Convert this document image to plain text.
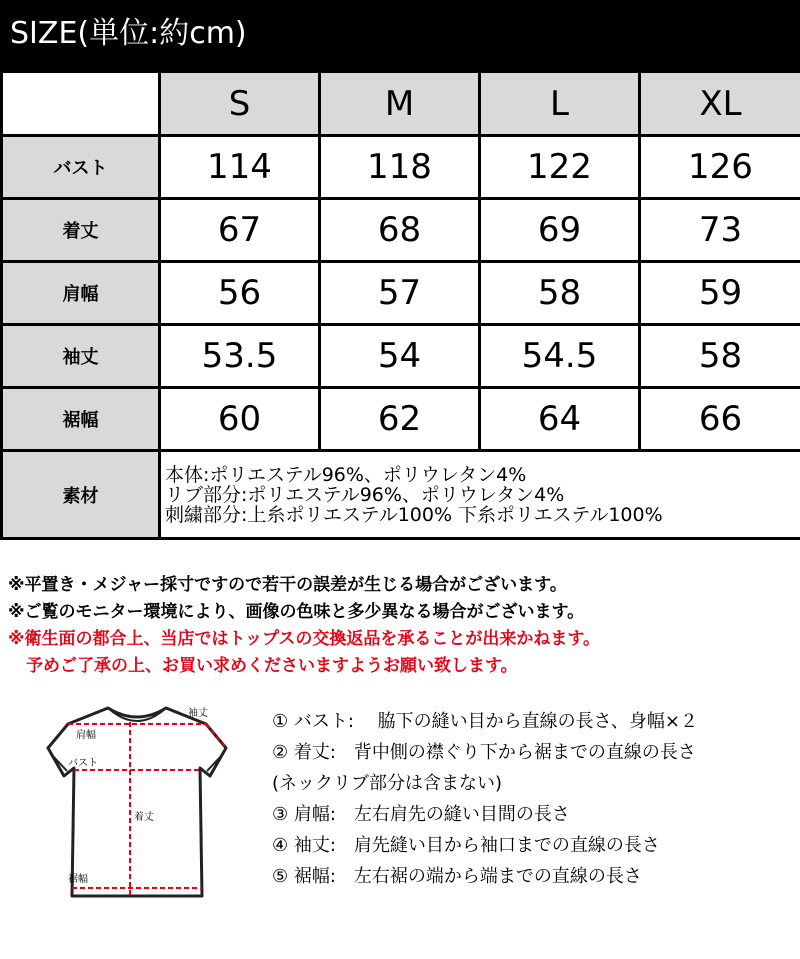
SIZE(単位:約cm)
	S	M	L	XL
バスト	114	118	122	126
着丈	67	68	69	73
肩幅	56	57	58	59
袖丈	53.5	54	54.5	58
裾幅	60	62	64	66
素材	本体:ポリエステル96%、ポリウレタン4%
リブ部分:ポリエステル96%、ポリウレタン4%
刺繍部分:上糸ポリエステル100% 下糸ポリエステル100%			
※平置き・メジャー採寸ですので若干の誤差が生じる場合がございます。
※ご覧のモニター環境により、画像の色味と多少異なる場合がございます。
※衛生面の都合上、当店ではトップスの交換返品を承ることが出来かねます。
予めご了承の上、お買い求めくださいますようお願い致します。
袖丈
肩幅
バスト
着丈
裾幅
① バスト:　 脇下の縫い目から直線の長さ、身幅×２
② 着丈:　背中側の襟ぐり下から裾までの直線の長さ
(ネックリブ部分は含まない)
③ 肩幅:　左右肩先の縫い目間の長さ
④ 袖丈:　肩先縫い目から袖口までの直線の長さ
⑤ 裾幅:　左右裾の端から端までの直線の長さ
